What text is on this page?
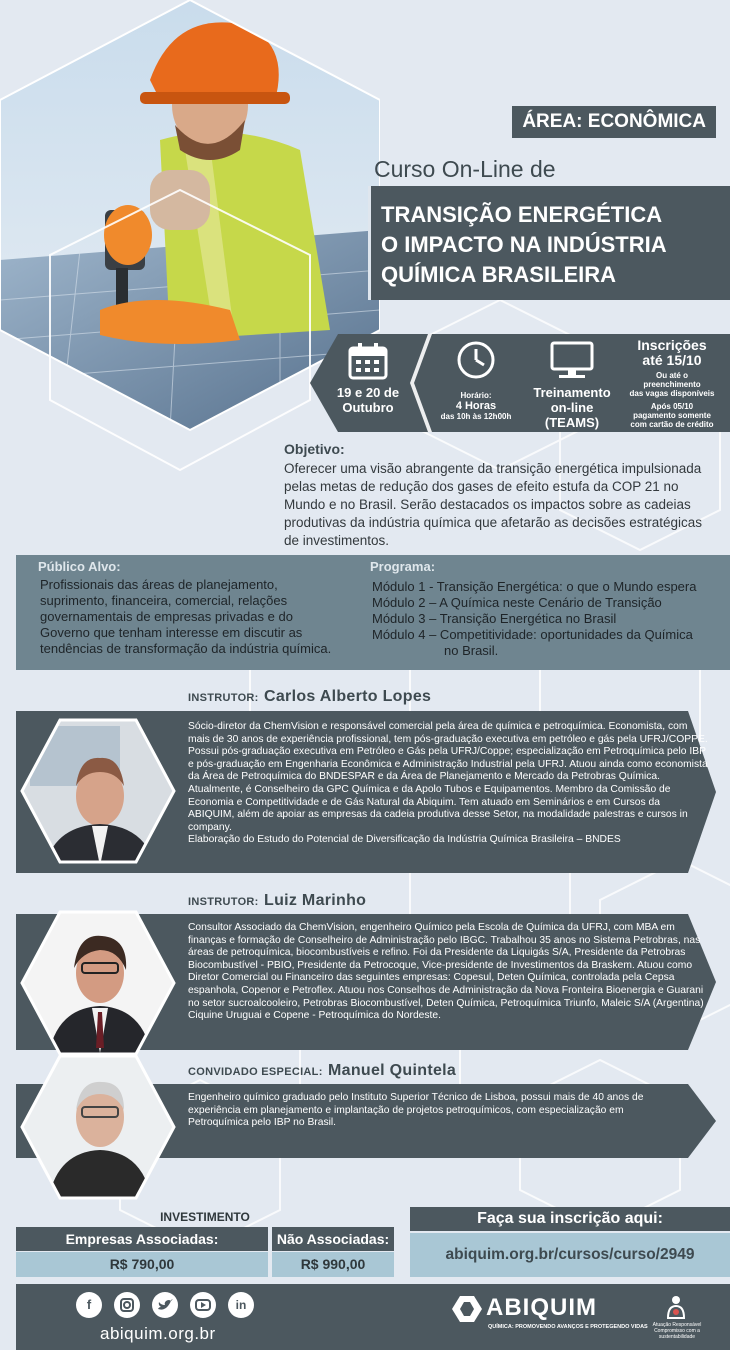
ÁREA: ECONÔMICA
Curso On-Line de
TRANSIÇÃO ENERGÉTICA
O IMPACTO NA INDÚSTRIA
QUÍMICA BRASILEIRA
19 e 20 de
Outubro
Horário:
4 Horas
das 10h às 12h00h
Treinamento
on-line
(TEAMS)
Inscrições
até 15/10
Ou até o
preenchimento
das vagas disponíveis
Após 05/10
pagamento somente
com cartão de crédito
Objetivo:
Oferecer uma visão abrangente da transição energética impulsionada pelas metas de redução dos gases de efeito estufa da COP 21 no Mundo e no Brasil. Serão destacados os impactos sobre as cadeias produtivas da indústria química que afetarão as decisões estratégicas de investimentos.
Público Alvo:
Profissionais das áreas de planejamento, suprimento, financeira, comercial, relações governamentais de empresas privadas e do Governo que tenham interesse em discutir as tendências de transformação da indústria química.
Programa:
Módulo 1 - Transição Energética: o que o Mundo espera
Módulo 2 – A Química neste Cenário de Transição
Módulo 3 – Transição Energética no Brasil
Módulo 4 – Competitividade: oportunidades da Química
no Brasil.
INSTRUTOR: Carlos Alberto Lopes
Sócio-diretor da ChemVision e responsável comercial pela área de química e petroquímica. Economista, com mais de 30 anos de experiência profissional, tem pós-graduação executiva em petróleo e gás pela UFRJ/COPPE. Possui pós-graduação executiva em Petróleo e Gás pela UFRJ/Coppe; especialização em Petroquímica pelo IBP e pós-graduação em Engenharia Econômica e Administração Industrial pela UFRJ. Atuou ainda como economista da Área de Petroquímica do BNDESPAR e da Área de Planejamento e Mercado da Petrobras Química. Atualmente, é Conselheiro da GPC Química e da Apolo Tubos e Equipamentos. Membro da Comissão de Economia e Competitividade e de Gás Natural da Abiquim. Tem atuado em Seminários e em Cursos da ABIQUIM, além de apoiar as empresas da cadeia produtiva desse Setor, na modalidade palestras e cursos in company.
Elaboração do Estudo do Potencial de Diversificação da Indústria Química Brasileira – BNDES
INSTRUTOR: Luiz Marinho
Consultor Associado da ChemVision, engenheiro Químico pela Escola de Química da UFRJ, com MBA em finanças e formação de Conselheiro de Administração pelo IBGC. Trabalhou 35 anos no Sistema Petrobras, nas áreas de petroquímica, biocombustíveis e refino. Foi da Presidente da Liquigás S/A, Presidente da Petrobras Biocombustível - PBIO, Presidente da Petrocoque, Vice-presidente de Investimentos da Braskem. Atuou como Diretor Comercial ou Financeiro das seguintes empresas: Copesul, Deten Química, controlada pela Cepsa espanhola, Copenor e Petroflex. Atuou nos Conselhos de Administração da Nova Fronteira Bioenergia e Guarani no setor sucroalcooleiro, Petrobras Biocombustível, Deten Química, Petroquímica Triunfo, Maleic S/A (Argentina) Ciquine Uruguai e Copene - Petroquímica do Nordeste.
CONVIDADO ESPECIAL: Manuel Quintela
Engenheiro químico graduado pelo Instituto Superior Técnico de Lisboa, possui mais de 40 anos de experiência em planejamento e implantação de projetos petroquímicos, com especialização em Petroquímica pelo IBP no Brasil.
INVESTIMENTO
Empresas Associadas:
R$ 790,00
Não Associadas:
R$ 990,00
Faça sua inscrição aqui:
abiquim.org.br/cursos/curso/2949
f	in
abiquim.org.br
ABIQUIM
QUÍMICA: PROMOVENDO AVANÇOS E PROTEGENDO VIDAS Atuação Responsável
Compromisso com a sustentabilidade
